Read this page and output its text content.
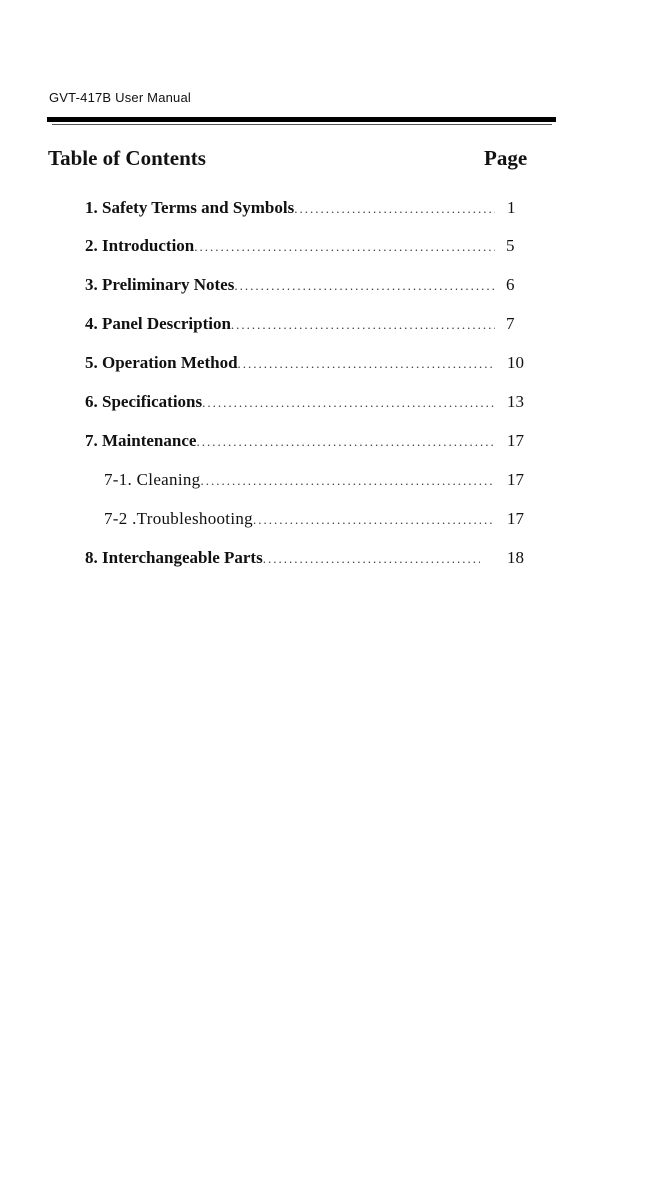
GVT-417B User Manual
Table of Contents	Page
1. Safety Terms and Symbols .....	1
2. Introduction .....	5
3. Preliminary Notes .....	6
4. Panel Description .....	7
5. Operation Method .....	10
6. Specifications .....	13
7. Maintenance .....	17
7-1. Cleaning .....	17
7-2 .Troubleshooting .....	17
8. Interchangeable Parts .....	18
